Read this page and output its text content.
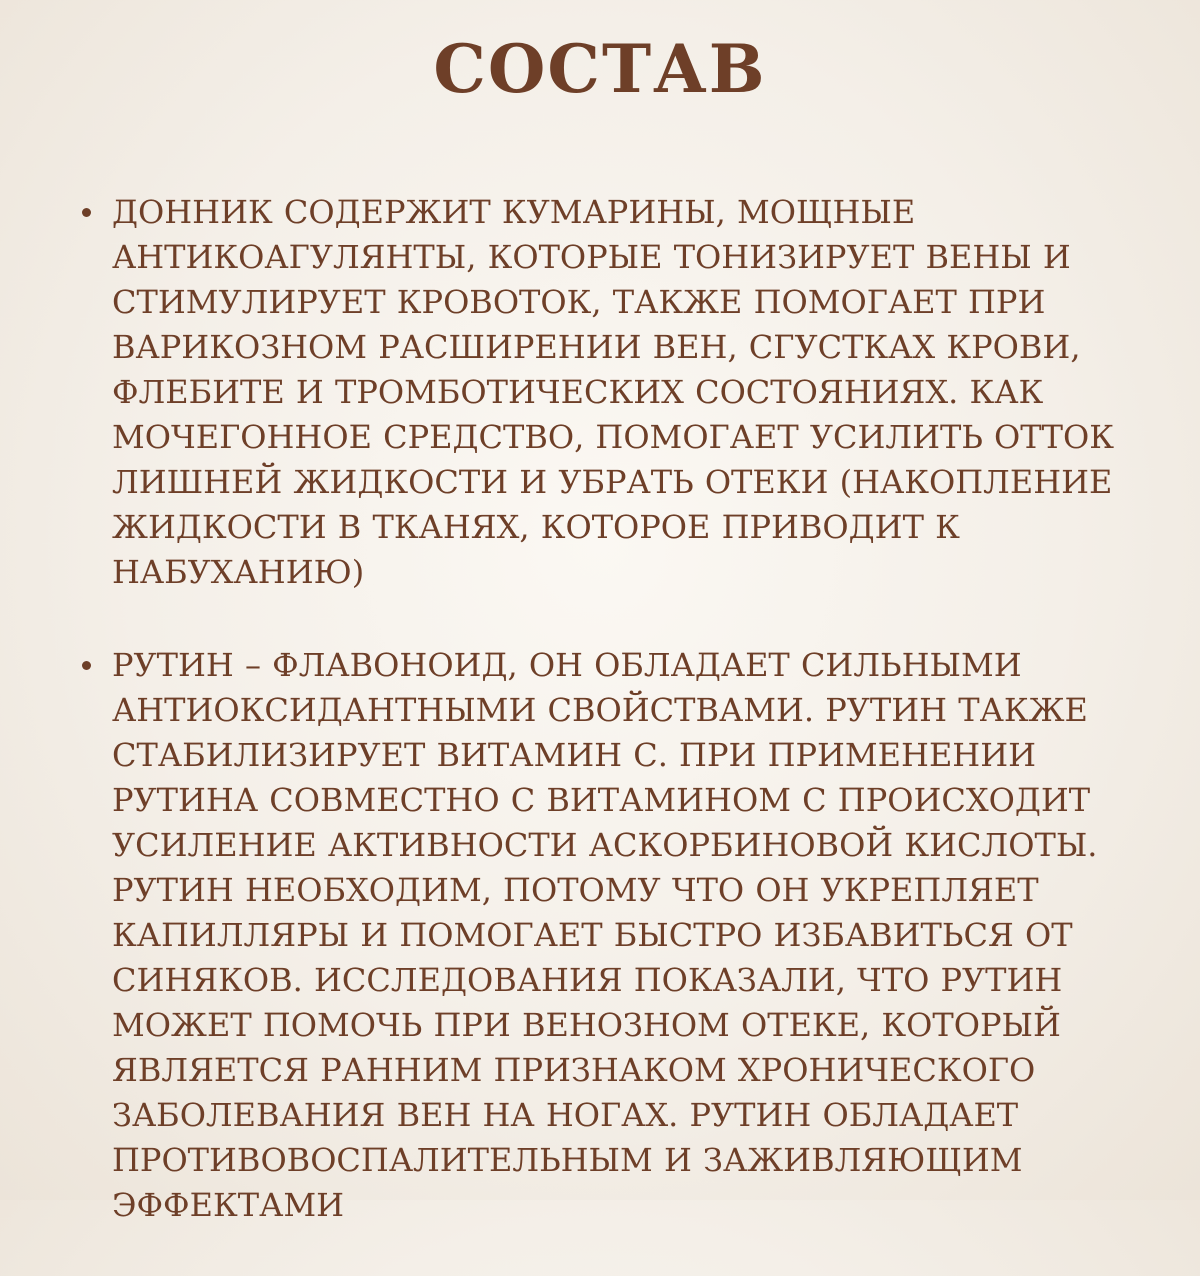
СОСТАВ
ДОННИК СОДЕРЖИТ КУМАРИНЫ, МОЩНЫЕ АНТИКОАГУЛЯНТЫ, КОТОРЫЕ ТОНИЗИРУЕТ ВЕНЫ И СТИМУЛИРУЕТ КРОВОТОК, ТАКЖЕ ПОМОГАЕТ ПРИ ВАРИКОЗНОМ РАСШИРЕНИИ ВЕН, СГУСТКАХ КРОВИ, ФЛЕБИТЕ И ТРОМБОТИЧЕСКИХ СОСТОЯНИЯХ. КАК МОЧЕГОННОЕ СРЕДСТВО, ПОМОГАЕТ УСИЛИТЬ ОТТОК ЛИШНЕЙ ЖИДКОСТИ И УБРАТЬ ОТЕКИ (НАКОПЛЕНИЕ ЖИДКОСТИ В ТКАНЯХ, КОТОРОЕ ПРИВОДИТ К НАБУХАНИЮ)
РУТИН – ФЛАВОНОИД, ОН ОБЛАДАЕТ СИЛЬНЫМИ АНТИОКСИДАНТНЫМИ СВОЙСТВАМИ. РУТИН ТАКЖЕ СТАБИЛИЗИРУЕТ ВИТАМИН С. ПРИ ПРИМЕНЕНИИ РУТИНА СОВМЕСТНО С ВИТАМИНОМ С ПРОИСХОДИТ УСИЛЕНИЕ АКТИВНОСТИ АСКОРБИНОВОЙ КИСЛОТЫ. РУТИН НЕОБХОДИМ, ПОТОМУ ЧТО ОН УКРЕПЛЯЕТ КАПИЛЛЯРЫ И ПОМОГАЕТ БЫСТРО ИЗБАВИТЬСЯ ОТ СИНЯКОВ. ИССЛЕДОВАНИЯ ПОКАЗАЛИ, ЧТО РУТИН МОЖЕТ ПОМОЧЬ ПРИ ВЕНОЗНОМ ОТЕКЕ, КОТОРЫЙ ЯВЛЯЕТСЯ РАННИМ ПРИЗНАКОМ ХРОНИЧЕСКОГО ЗАБОЛЕВАНИЯ ВЕН НА НОГАХ. РУТИН ОБЛАДАЕТ ПРОТИВОВОСПАЛИТЕЛЬНЫМ И ЗАЖИВЛЯЮЩИМ ЭФФЕКТАМИ
